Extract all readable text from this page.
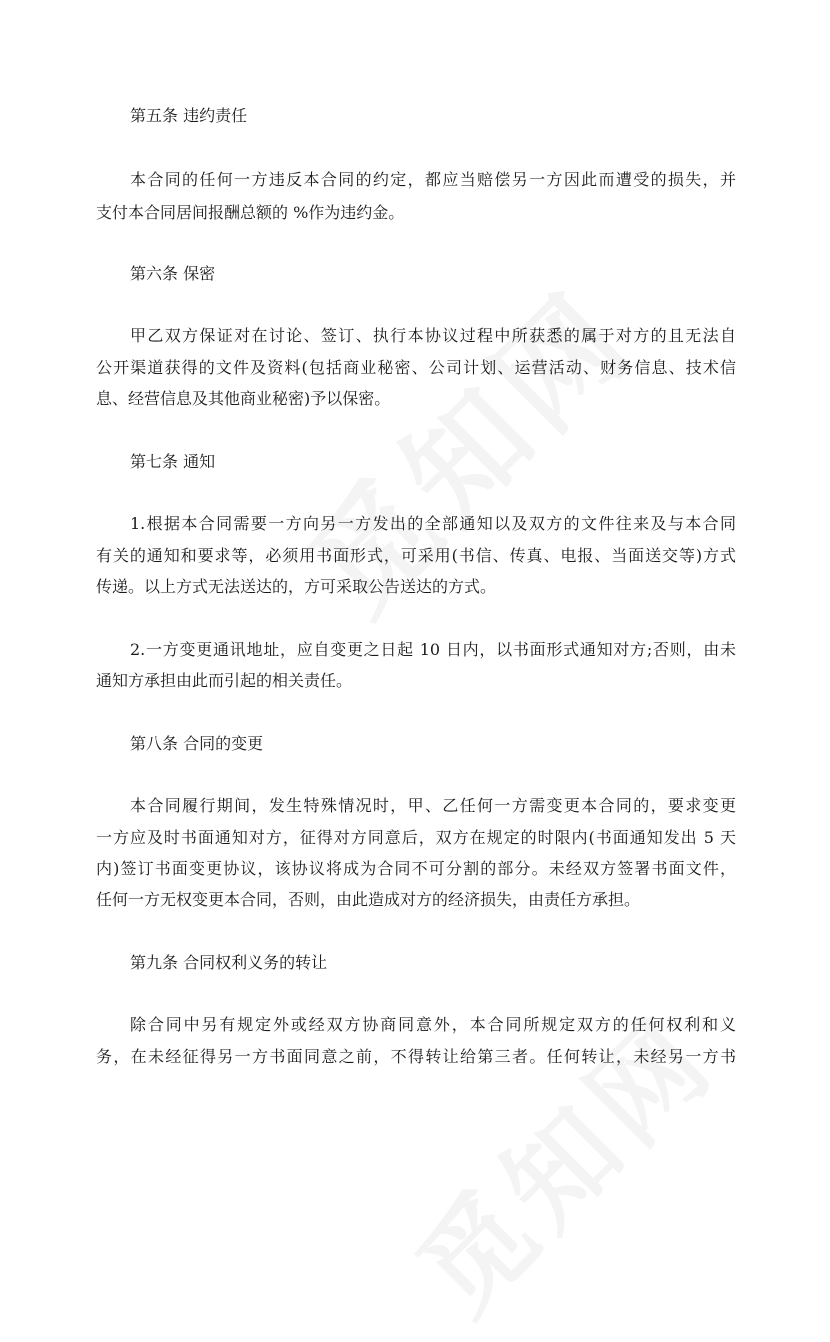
第五条 违约责任
本合同的任何一方违反本合同的约定，都应当赔偿另一方因此而遭受的损失，并
支付本合同居间报酬总额的 %作为违约金。
第六条 保密
甲乙双方保证对在讨论、签订、执行本协议过程中所获悉的属于对方的且无法自
公开渠道获得的文件及资料(包括商业秘密、公司计划、运营活动、财务信息、技术信
息、经营信息及其他商业秘密)予以保密。
第七条 通知
1.根据本合同需要一方向另一方发出的全部通知以及双方的文件往来及与本合同
有关的通知和要求等，必须用书面形式，可采用(书信、传真、电报、当面送交等)方式
传递。以上方式无法送达的，方可采取公告送达的方式。
2.一方变更通讯地址，应自变更之日起 10 日内，以书面形式通知对方;否则，由未
通知方承担由此而引起的相关责任。
第八条 合同的变更
本合同履行期间，发生特殊情况时，甲、乙任何一方需变更本合同的，要求变更
一方应及时书面通知对方，征得对方同意后，双方在规定的时限内(书面通知发出 5 天
内)签订书面变更协议，该协议将成为合同不可分割的部分。未经双方签署书面文件，
任何一方无权变更本合同，否则，由此造成对方的经济损失，由责任方承担。
第九条 合同权利义务的转让
除合同中另有规定外或经双方协商同意外，本合同所规定双方的任何权利和义
务，在未经征得另一方书面同意之前，不得转让给第三者。任何转让，未经另一方书
